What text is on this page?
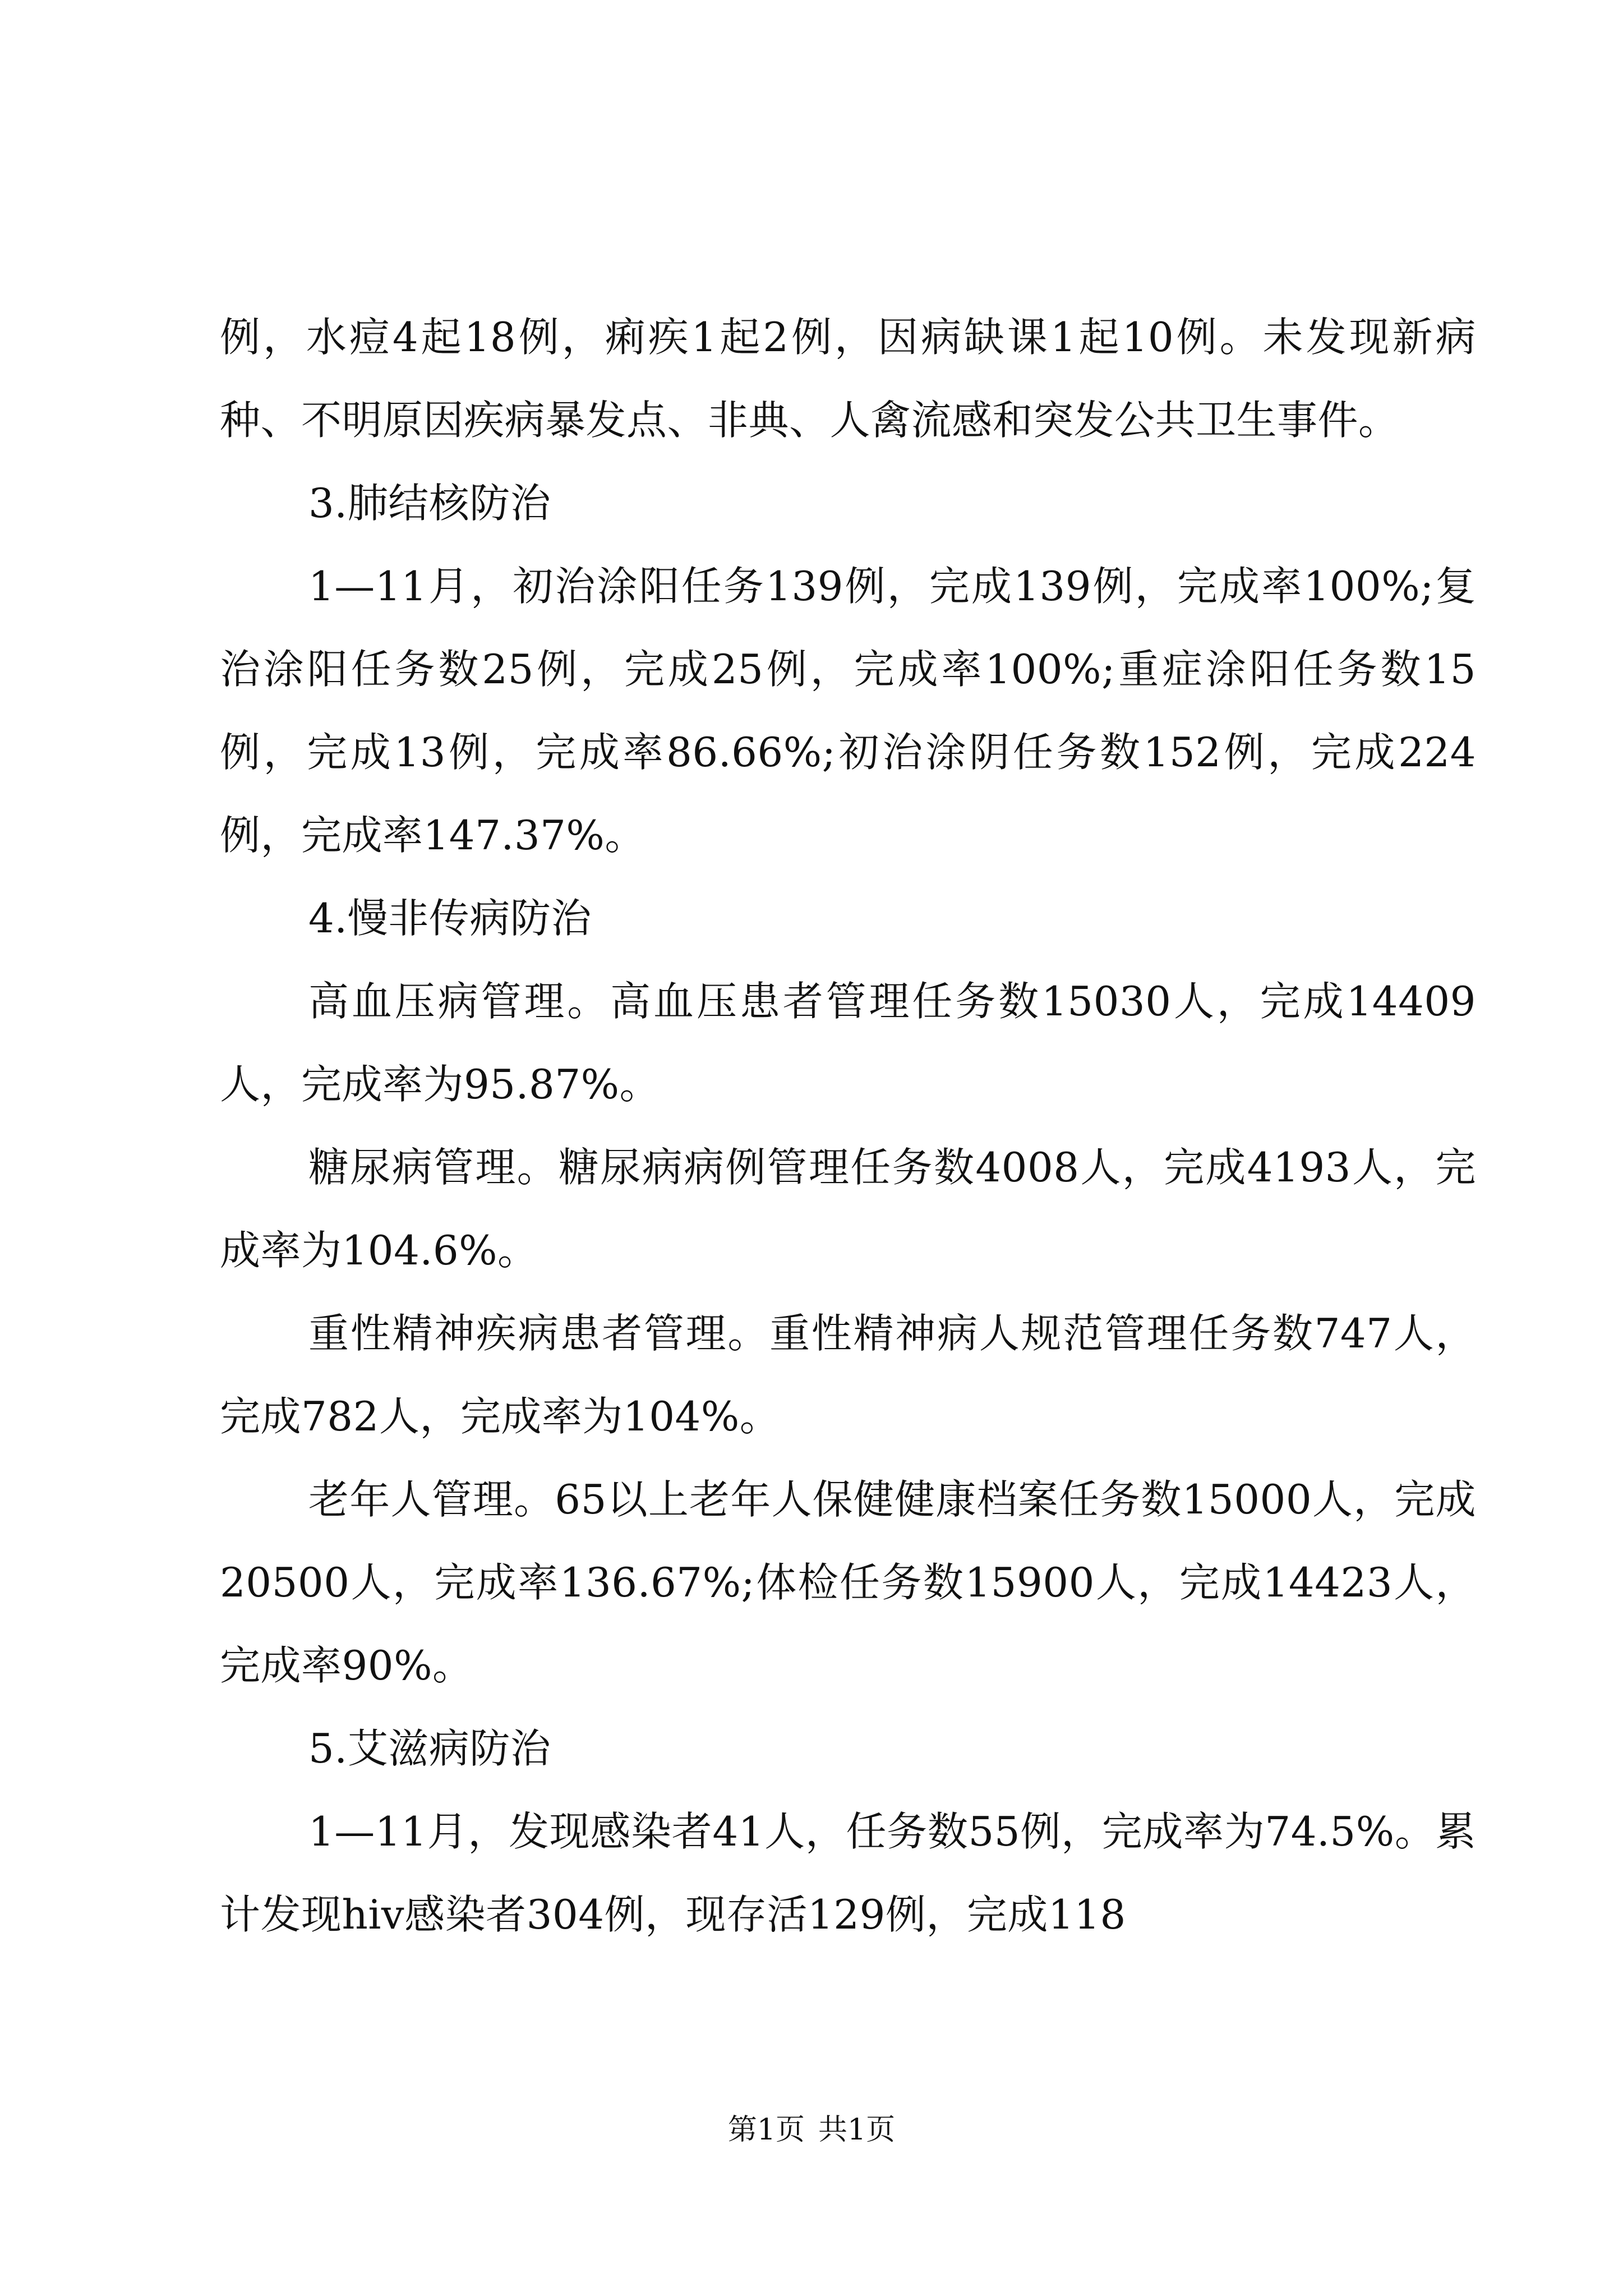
例，水痘4起18例，痢疾1起2例，因病缺课1起10例。未发现新病种、不明原因疾病暴发点、非典、人禽流感和突发公共卫生事件。

3.肺结核防治

1—11月，初治涂阳任务139例，完成139例，完成率100%;复治涂阳任务数25例，完成25例，完成率100%;重症涂阳任务数15例，完成13例，完成率86.66%;初治涂阴任务数152例，完成224例，完成率147.37%。

4.慢非传病防治

高血压病管理。高血压患者管理任务数15030人，完成14409人，完成率为95.87%。

糖尿病管理。糖尿病病例管理任务数4008人，完成4193人，完成率为104.6%。

重性精神疾病患者管理。重性精神病人规范管理任务数747人，完成782人，完成率为104%。

老年人管理。65以上老年人保健健康档案任务数15000人，完成20500人，完成率136.67%;体检任务数15900人，完成14423人，完成率90%。

5.艾滋病防治

1—11月，发现感染者41人，任务数55例，完成率为74.5%。累计发现hiv感染者304例，现存活129例，完成118

第1页 共1页
